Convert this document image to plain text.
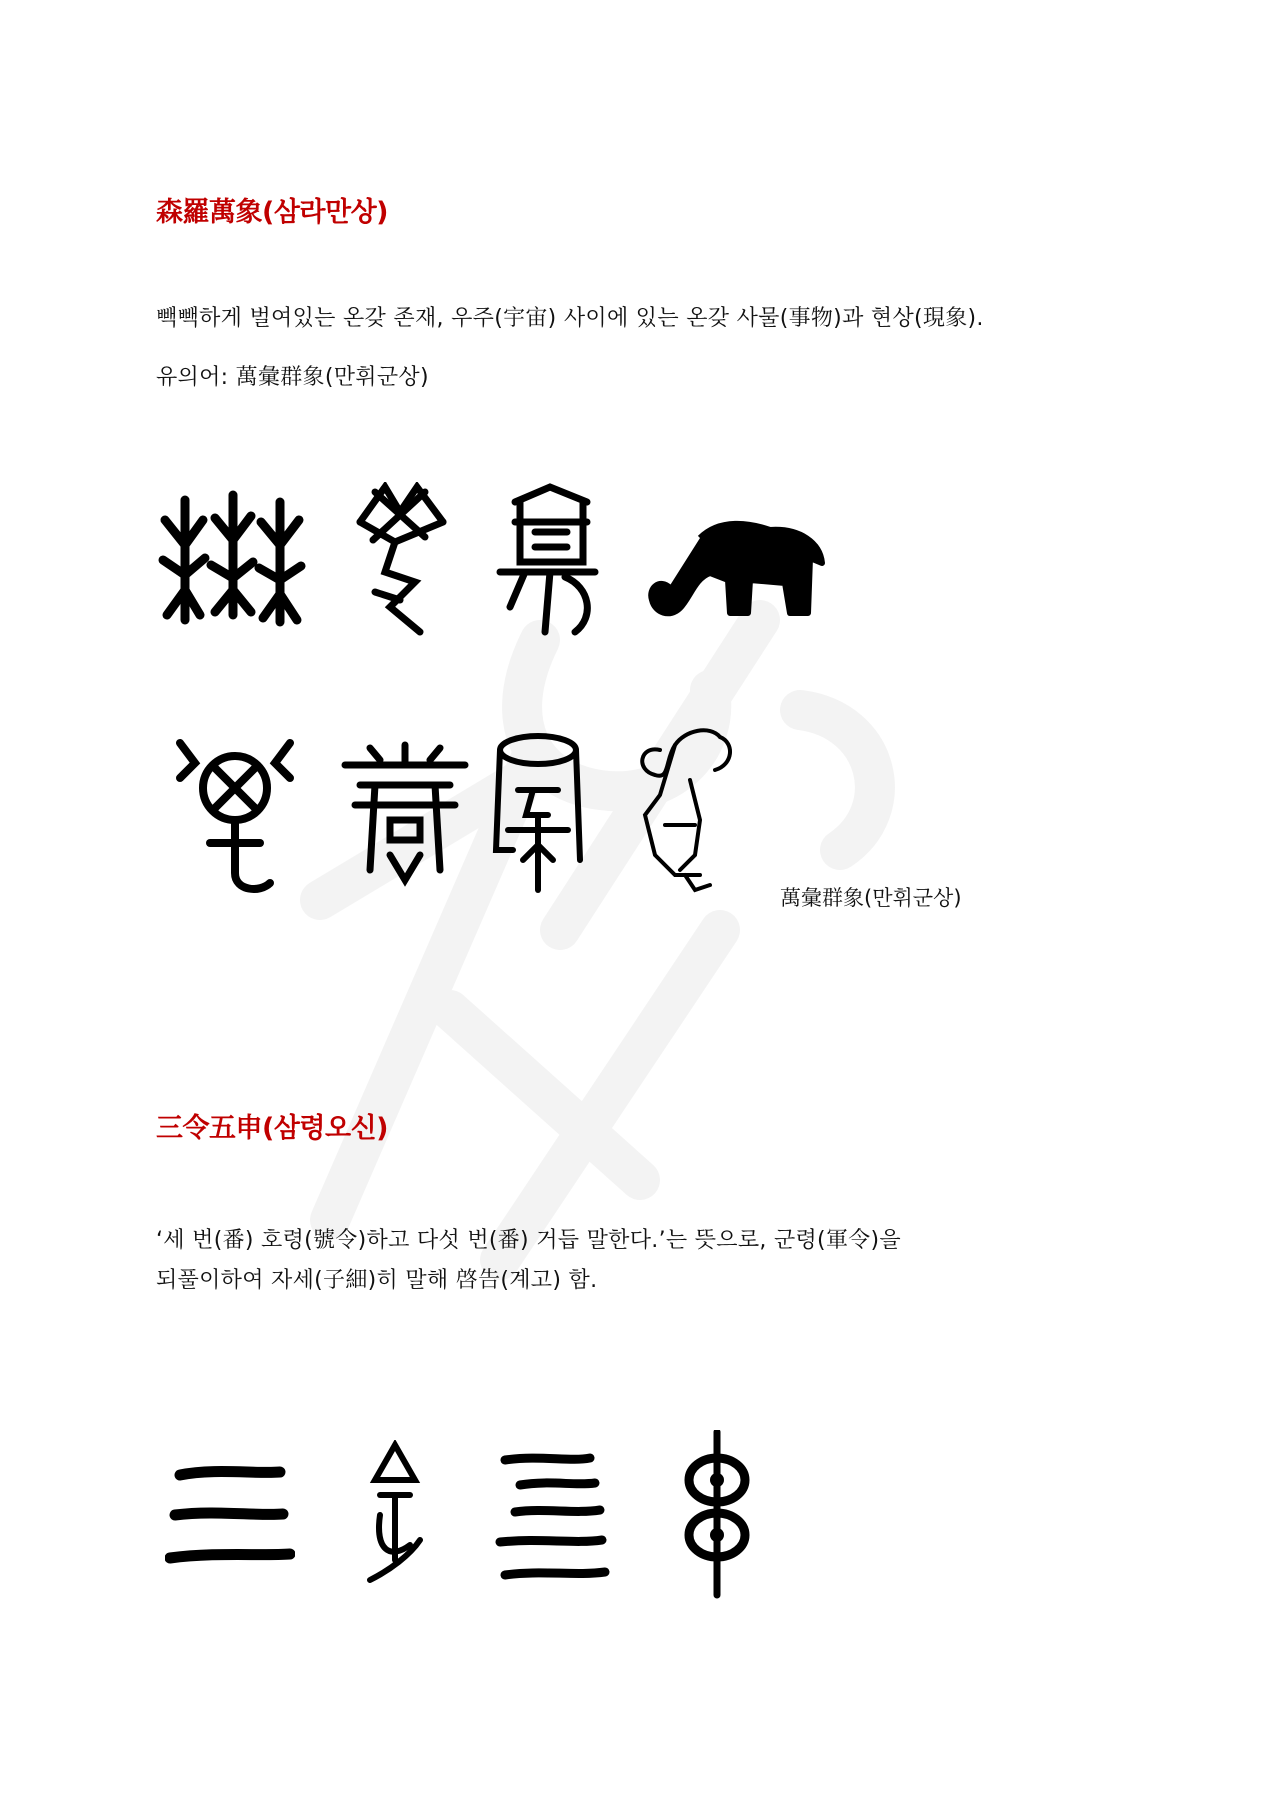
森羅萬象(삼라만상)
빽빽하게 벌여있는 온갖 존재, 우주(宇宙) 사이에 있는 온갖 사물(事物)과 현상(現象).
유의어: 萬彙群象(만휘군상)
萬彙群象(만휘군상)
三令五申(삼령오신)
‘세 번(番) 호령(號令)하고 다섯 번(番) 거듭 말한다.’는 뜻으로, 군령(軍令)을
되풀이하여 자세(子細)히 말해 啓告(계고) 함.
